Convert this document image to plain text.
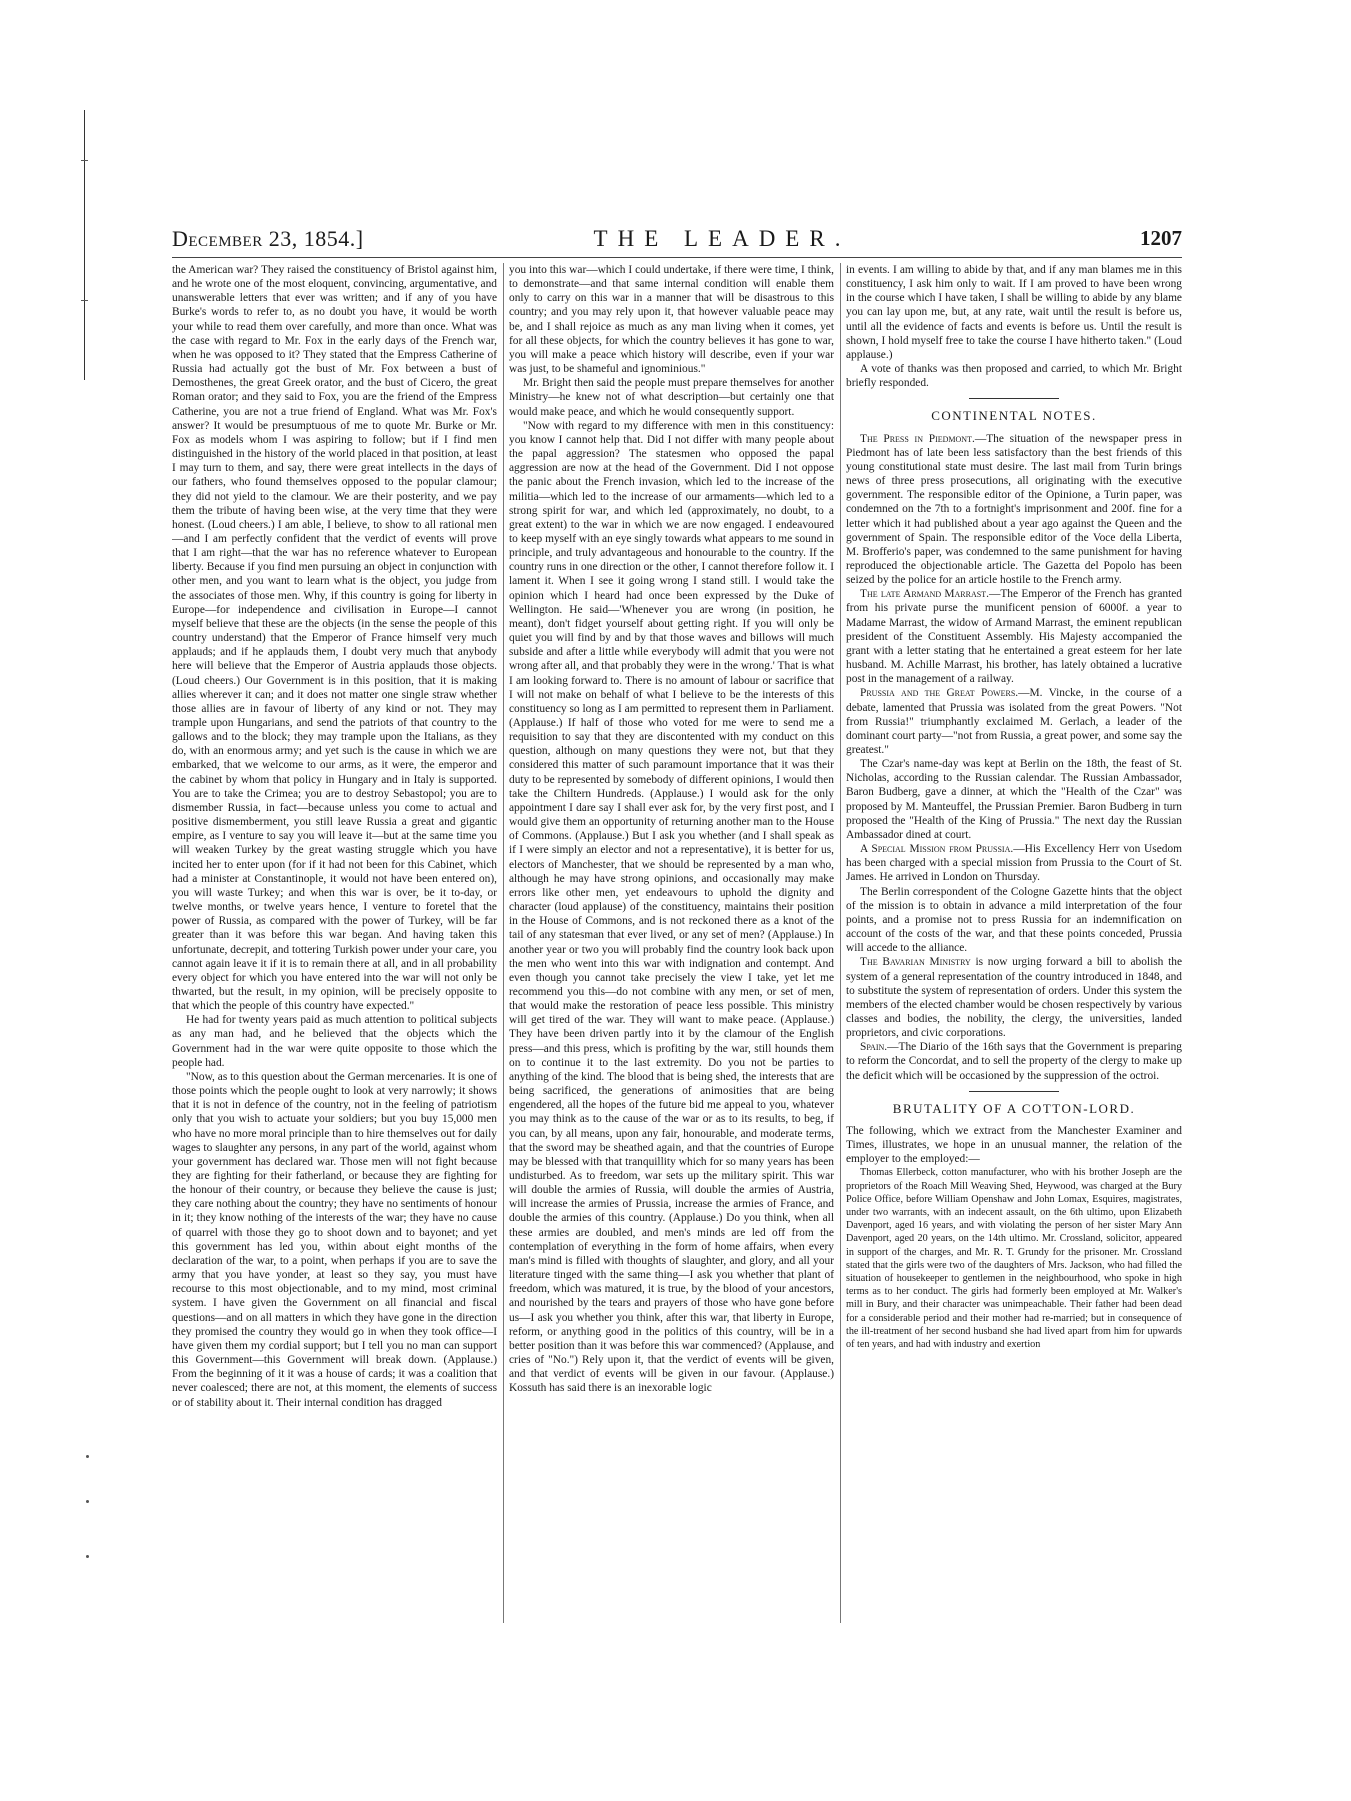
December 23, 1854.]	THE LEADER.	1207

the American war? They raised the constituency of Bristol against him, and he wrote one of the most eloquent, convincing, argumentative, and unanswerable letters that ever was written; and if any of you have Burke's words to refer to, as no doubt you have, it would be worth your while to read them over carefully, and more than once. What was the case with regard to Mr. Fox in the early days of the French war, when he was opposed to it? They stated that the Empress Catherine of Russia had actually got the bust of Mr. Fox between a bust of Demosthenes, the great Greek orator, and the bust of Cicero, the great Roman orator; and they said to Fox, you are the friend of the Empress Catherine, you are not a true friend of England. What was Mr. Fox's answer? It would be presumptuous of me to quote Mr. Burke or Mr. Fox as models whom I was aspiring to follow; but if I find men distinguished in the history of the world placed in that position, at least I may turn to them, and say, there were great intellects in the days of our fathers, who found themselves opposed to the popular clamour; they did not yield to the clamour. We are their posterity, and we pay them the tribute of having been wise, at the very time that they were honest. (Loud cheers.) I am able, I believe, to show to all rational men—and I am perfectly confident that the verdict of events will prove that I am right—that the war has no reference whatever to European liberty. Because if you find men pursuing an object in conjunction with other men, and you want to learn what is the object, you judge from the associates of those men. Why, if this country is going for liberty in Europe—for independence and civilisation in Europe—I cannot myself believe that these are the objects (in the sense the people of this country understand) that the Emperor of France himself very much applauds; and if he applauds them, I doubt very much that anybody here will believe that the Emperor of Austria applauds those objects. (Loud cheers.) Our Government is in this position, that it is making allies wherever it can; and it does not matter one single straw whether those allies are in favour of liberty of any kind or not. They may trample upon Hungarians, and send the patriots of that country to the gallows and to the block; they may trample upon the Italians, as they do, with an enormous army; and yet such is the cause in which we are embarked, that we welcome to our arms, as it were, the emperor and the cabinet by whom that policy in Hungary and in Italy is supported. You are to take the Crimea; you are to destroy Sebastopol; you are to dismember Russia, in fact—because unless you come to actual and positive dismemberment, you still leave Russia a great and gigantic empire, as I venture to say you will leave it—but at the same time you will weaken Turkey by the great wasting struggle which you have incited her to enter upon (for if it had not been for this Cabinet, which had a minister at Constantinople, it would not have been entered on), you will waste Turkey; and when this war is over, be it to-day, or twelve months, or twelve years hence, I venture to foretel that the power of Russia, as compared with the power of Turkey, will be far greater than it was before this war began. And having taken this unfortunate, decrepit, and tottering Turkish power under your care, you cannot again leave it if it is to remain there at all, and in all probability every object for which you have entered into the war will not only be thwarted, but the result, in my opinion, will be precisely opposite to that which the people of this country have expected."

He had for twenty years paid as much attention to political subjects as any man had, and he believed that the objects which the Government had in the war were quite opposite to those which the people had.

"Now, as to this question about the German mercenaries. It is one of those points which the people ought to look at very narrowly; it shows that it is not in defence of the country, not in the feeling of patriotism only that you wish to actuate your soldiers; but you buy 15,000 men who have no more moral principle than to hire themselves out for daily wages to slaughter any persons, in any part of the world, against whom your government has declared war. Those men will not fight because they are fighting for their fatherland, or because they are fighting for the honour of their country, or because they believe the cause is just; they care nothing about the country; they have no sentiments of honour in it; they know nothing of the interests of the war; they have no cause of quarrel with those they go to shoot down and to bayonet; and yet this government has led you, within about eight months of the declaration of the war, to a point, when perhaps if you are to save the army that you have yonder, at least so they say, you must have recourse to this most objectionable, and to my mind, most criminal system. I have given the Government on all financial and fiscal questions—and on all matters in which they have gone in the direction they promised the country they would go in when they took office—I have given them my cordial support; but I tell you no man can support this Government—this Government will break down. (Applause.) From the beginning of it it was a house of cards; it was a coalition that never coalesced; there are not, at this moment, the elements of success or of stability about it. Their internal condition has dragged

you into this war—which I could undertake, if there were time, I think, to demonstrate—and that same internal condition will enable them only to carry on this war in a manner that will be disastrous to this country; and you may rely upon it, that however valuable peace may be, and I shall rejoice as much as any man living when it comes, yet for all these objects, for which the country believes it has gone to war, you will make a peace which history will describe, even if your war was just, to be shameful and ignominious."

Mr. Bright then said the people must prepare themselves for another Ministry—he knew not of what description—but certainly one that would make peace, and which he would consequently support.

"Now with regard to my difference with men in this constituency: you know I cannot help that. Did I not differ with many people about the papal aggression? The statesmen who opposed the papal aggression are now at the head of the Government. Did I not oppose the panic about the French invasion, which led to the increase of the militia—which led to the increase of our armaments—which led to a strong spirit for war, and which led (approximately, no doubt, to a great extent) to the war in which we are now engaged. I endeavoured to keep myself with an eye singly towards what appears to me sound in principle, and truly advantageous and honourable to the country. If the country runs in one direction or the other, I cannot therefore follow it. I lament it. When I see it going wrong I stand still. I would take the opinion which I heard had once been expressed by the Duke of Wellington. He said—'Whenever you are wrong (in position, he meant), don't fidget yourself about getting right. If you will only be quiet you will find by and by that those waves and billows will much subside and after a little while everybody will admit that you were not wrong after all, and that probably they were in the wrong.' That is what I am looking forward to. There is no amount of labour or sacrifice that I will not make on behalf of what I believe to be the interests of this constituency so long as I am permitted to represent them in Parliament. (Applause.) If half of those who voted for me were to send me a requisition to say that they are discontented with my conduct on this question, although on many questions they were not, but that they considered this matter of such paramount importance that it was their duty to be represented by somebody of different opinions, I would then take the Chiltern Hundreds. (Applause.) I would ask for the only appointment I dare say I shall ever ask for, by the very first post, and I would give them an opportunity of returning another man to the House of Commons. (Applause.) But I ask you whether (and I shall speak as if I were simply an elector and not a representative), it is better for us, electors of Manchester, that we should be represented by a man who, although he may have strong opinions, and occasionally may make errors like other men, yet endeavours to uphold the dignity and character (loud applause) of the constituency, maintains their position in the House of Commons, and is not reckoned there as a knot of the tail of any statesman that ever lived, or any set of men? (Applause.) In another year or two you will probably find the country look back upon the men who went into this war with indignation and contempt. And even though you cannot take precisely the view I take, yet let me recommend you this—do not combine with any men, or set of men, that would make the restoration of peace less possible. This ministry will get tired of the war. They will want to make peace. (Applause.) They have been driven partly into it by the clamour of the English press—and this press, which is profiting by the war, still hounds them on to continue it to the last extremity. Do you not be parties to anything of the kind. The blood that is being shed, the interests that are being sacrificed, the generations of animosities that are being engendered, all the hopes of the future bid me appeal to you, whatever you may think as to the cause of the war or as to its results, to beg, if you can, by all means, upon any fair, honourable, and moderate terms, that the sword may be sheathed again, and that the countries of Europe may be blessed with that tranquillity which for so many years has been undisturbed. As to freedom, war sets up the military spirit. This war will double the armies of Russia, will double the armies of Austria, will increase the armies of Prussia, increase the armies of France, and double the armies of this country. (Applause.) Do you think, when all these armies are doubled, and men's minds are led off from the contemplation of everything in the form of home affairs, when every man's mind is filled with thoughts of slaughter, and glory, and all your literature tinged with the same thing—I ask you whether that plant of freedom, which was matured, it is true, by the blood of your ancestors, and nourished by the tears and prayers of those who have gone before us—I ask you whether you think, after this war, that liberty in Europe, reform, or anything good in the politics of this country, will be in a better position than it was before this war commenced? (Applause, and cries of "No.") Rely upon it, that the verdict of events will be given, and that verdict of events will be given in our favour. (Applause.) Kossuth has said there is an inexorable logic

in events. I am willing to abide by that, and if any man blames me in this constituency, I ask him only to wait. If I am proved to have been wrong in the course which I have taken, I shall be willing to abide by any blame you can lay upon me, but, at any rate, wait until the result is before us, until all the evidence of facts and events is before us. Until the result is shown, I hold myself free to take the course I have hitherto taken." (Loud applause.)

A vote of thanks was then proposed and carried, to which Mr. Bright briefly responded.

CONTINENTAL NOTES.

The Press in Piedmont.—The situation of the newspaper press in Piedmont has of late been less satisfactory than the best friends of this young constitutional state must desire. The last mail from Turin brings news of three press prosecutions, all originating with the executive government. The responsible editor of the Opinione, a Turin paper, was condemned on the 7th to a fortnight's imprisonment and 200f. fine for a letter which it had published about a year ago against the Queen and the government of Spain. The responsible editor of the Voce della Liberta, M. Brofferio's paper, was condemned to the same punishment for having reproduced the objectionable article. The Gazetta del Popolo has been seized by the police for an article hostile to the French army.

The late Armand Marrast.—The Emperor of the French has granted from his private purse the munificent pension of 6000f. a year to Madame Marrast, the widow of Armand Marrast, the eminent republican president of the Constituent Assembly. His Majesty accompanied the grant with a letter stating that he entertained a great esteem for her late husband. M. Achille Marrast, his brother, has lately obtained a lucrative post in the management of a railway.

Prussia and the Great Powers.—M. Vincke, in the course of a debate, lamented that Prussia was isolated from the great Powers. "Not from Russia!" triumphantly exclaimed M. Gerlach, a leader of the dominant court party—"not from Russia, a great power, and some say the greatest."

The Czar's name-day was kept at Berlin on the 18th, the feast of St. Nicholas, according to the Russian calendar. The Russian Ambassador, Baron Budberg, gave a dinner, at which the "Health of the Czar" was proposed by M. Manteuffel, the Prussian Premier. Baron Budberg in turn proposed the "Health of the King of Prussia." The next day the Russian Ambassador dined at court.

A Special Mission from Prussia.—His Excellency Herr von Usedom has been charged with a special mission from Prussia to the Court of St. James. He arrived in London on Thursday.

The Berlin correspondent of the Cologne Gazette hints that the object of the mission is to obtain in advance a mild interpretation of the four points, and a promise not to press Russia for an indemnification on account of the costs of the war, and that these points conceded, Prussia will accede to the alliance.

The Bavarian Ministry is now urging forward a bill to abolish the system of a general representation of the country introduced in 1848, and to substitute the system of representation of orders. Under this system the members of the elected chamber would be chosen respectively by various classes and bodies, the nobility, the clergy, the universities, landed proprietors, and civic corporations.

Spain.—The Diario of the 16th says that the Government is preparing to reform the Concordat, and to sell the property of the clergy to make up the deficit which will be occasioned by the suppression of the octroi.

BRUTALITY OF A COTTON-LORD.

The following, which we extract from the Manchester Examiner and Times, illustrates, we hope in an unusual manner, the relation of the employer to the employed:—

Thomas Ellerbeck, cotton manufacturer, who with his brother Joseph are the proprietors of the Roach Mill Weaving Shed, Heywood, was charged at the Bury Police Office, before William Openshaw and John Lomax, Esquires, magistrates, under two warrants, with an indecent assault, on the 6th ultimo, upon Elizabeth Davenport, aged 16 years, and with violating the person of her sister Mary Ann Davenport, aged 20 years, on the 14th ultimo. Mr. Crossland, solicitor, appeared in support of the charges, and Mr. R. T. Grundy for the prisoner. Mr. Crossland stated that the girls were two of the daughters of Mrs. Jackson, who had filled the situation of housekeeper to gentlemen in the neighbourhood, who spoke in high terms as to her conduct. The girls had formerly been employed at Mr. Walker's mill in Bury, and their character was unimpeachable. Their father had been dead for a considerable period and their mother had re-married; but in consequence of the ill-treatment of her second husband she had lived apart from him for upwards of ten years, and had with industry and exertion
